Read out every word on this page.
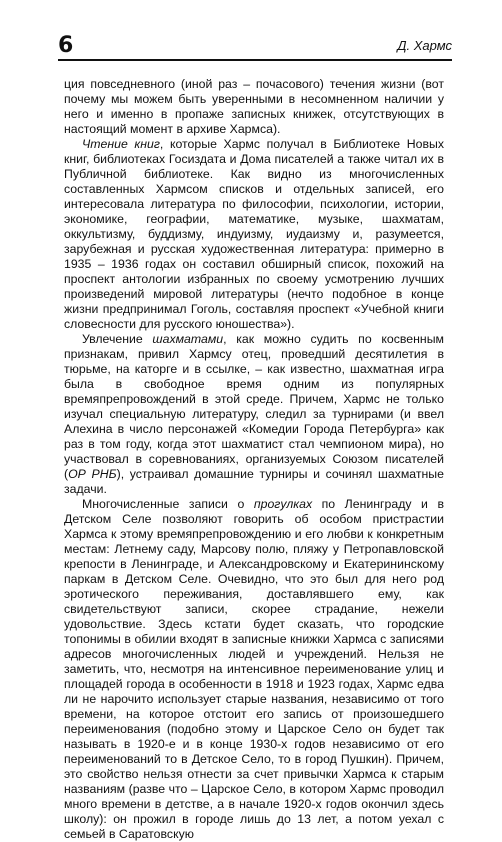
6	Д. Хармс

ция повседневного (иной раз – почасового) течения жизни (вот почему мы можем быть уверенными в несомненном наличии у него и именно в пропаже записных книжек, отсутствующих в настоящий момент в архиве Хармса).

Чтение книг, которые Хармс получал в Библиотеке Новых книг, библиотеках Госиздата и Дома писателей а также читал их в Публичной библиотеке. Как видно из многочисленных составленных Хармсом списков и отдельных записей, его интересовала литература по философии, психологии, истории, экономике, географии, математике, музыке, шахматам, оккультизму, буддизму, индуизму, иудаизму и, разумеется, зарубежная и русская художественная литература: примерно в 1935 – 1936 годах он составил обширный список, похожий на проспект антологии избранных по своему усмотрению лучших произведений мировой литературы (нечто подобное в конце жизни предпринимал Гоголь, составляя проспект «Учебной книги словесности для русского юношества»).

Увлечение шахматами, как можно судить по косвенным признакам, привил Хармсу отец, проведший десятилетия в тюрьме, на каторге и в ссылке, – как известно, шахматная игра была в свободное время одним из популярных времяпрепровождений в этой среде. Причем, Хармс не только изучал специальную литературу, следил за турнирами (и ввел Алехина в число персонажей «Комедии Города Петербурга» как раз в том году, когда этот шахматист стал чемпионом мира), но участвовал в соревнованиях, организуемых Союзом писателей (ОР РНБ), устраивал домашние турниры и сочинял шахматные задачи.

Многочисленные записи о прогулках по Ленинграду и в Детском Селе позволяют говорить об особом пристрастии Хармса к этому времяпрепровождению и его любви к конкретным местам: Летнему саду, Марсову полю, пляжу у Петропавловской крепости в Ленинграде, и Александровскому и Екатерининскому паркам в Детском Селе. Очевидно, что это был для него род эротического переживания, доставлявшего ему, как свидетельствуют записи, скорее страдание, нежели удовольствие. Здесь кстати будет сказать, что городские топонимы в обилии входят в записные книжки Хармса с записями адресов многочисленных людей и учреждений. Нельзя не заметить, что, несмотря на интенсивное переименование улиц и площадей города в особенности в 1918 и 1923 годах, Хармс едва ли не нарочито использует старые названия, независимо от того времени, на которое отстоит его запись от произошедшего переименования (подобно этому и Царское Село он будет так называть в 1920-е и в конце 1930-х годов независимо от его переименований то в Детское Село, то в город Пушкин). Причем, это свойство нельзя отнести за счет привычки Хармса к старым названиям (разве что – Царское Село, в котором Хармс проводил много времени в детстве, а в начале 1920-х годов окончил здесь школу): он прожил в городе лишь до 13 лет, а потом уехал с семьей в Саратовскую
